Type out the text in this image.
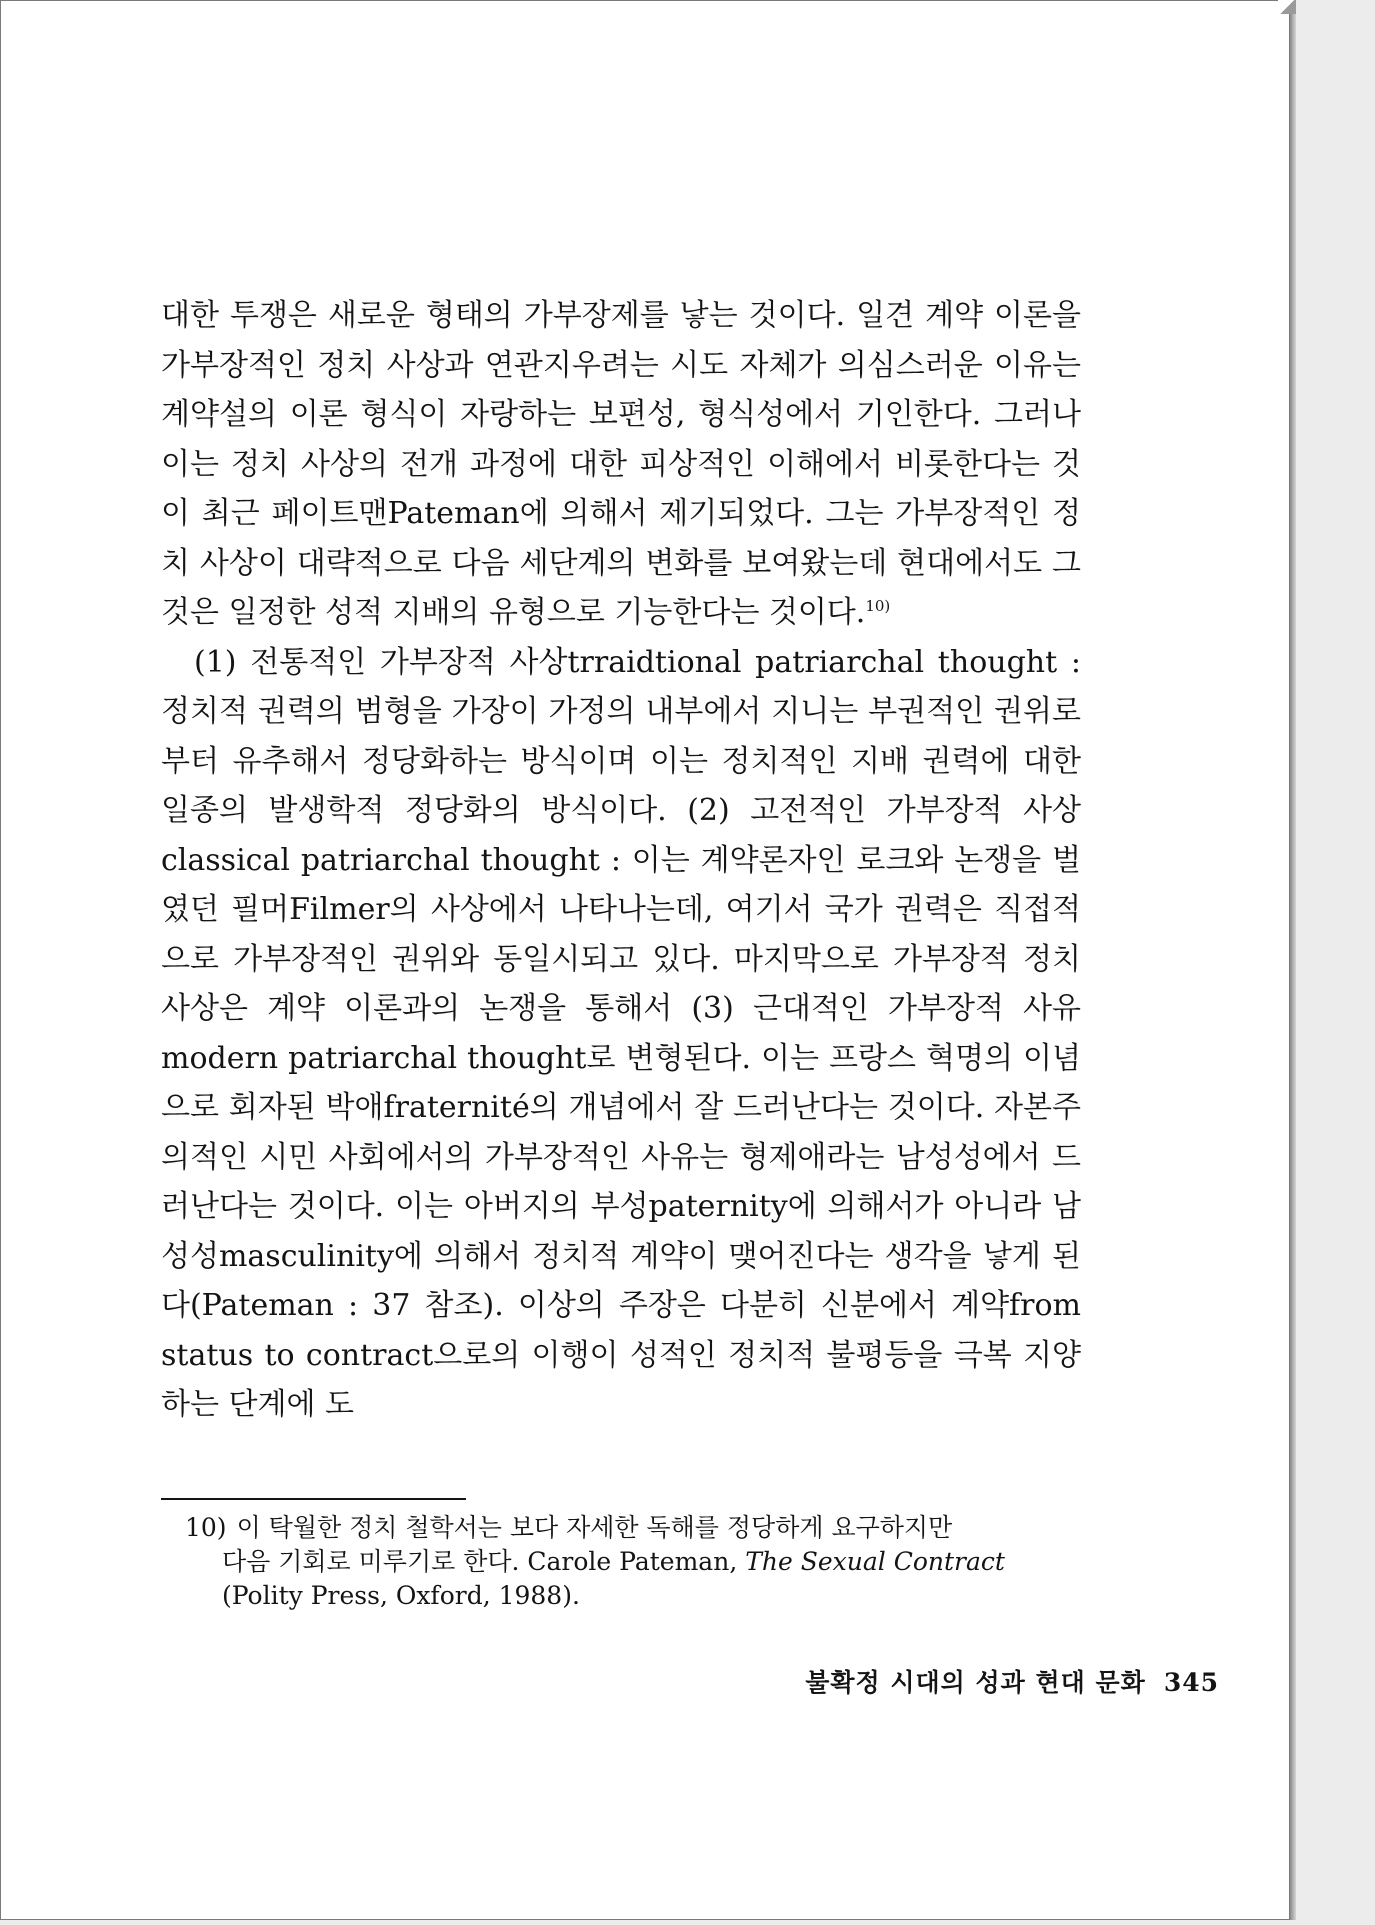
대한 투쟁은 새로운 형태의 가부장제를 낳는 것이다. 일견 계약 이론을 가부장적인 정치 사상과 연관지우려는 시도 자체가 의심스러운 이유는 계약설의 이론 형식이 자랑하는 보편성, 형식성에서 기인한다. 그러나 이는 정치 사상의 전개 과정에 대한 피상적인 이해에서 비롯한다는 것이 최근 페이트맨Pateman에 의해서 제기되었다. 그는 가부장적인 정치 사상이 대략적으로 다음 세단계의 변화를 보여왔는데 현대에서도 그것은 일정한 성적 지배의 유형으로 기능한다는 것이다.$^{10)}$

(1) 전통적인 가부장적 사상trraidtional patriarchal thought : 정치적 권력의 범형을 가장이 가정의 내부에서 지니는 부권적인 권위로부터 유추해서 정당화하는 방식이며 이는 정치적인 지배 권력에 대한 일종의 발생학적 정당화의 방식이다. (2) 고전적인 가부장적 사상classical patriarchal thought : 이는 계약론자인 로크와 논쟁을 벌였던 필머Filmer의 사상에서 나타나는데, 여기서 국가 권력은 직접적으로 가부장적인 권위와 동일시되고 있다. 마지막으로 가부장적 정치 사상은 계약 이론과의 논쟁을 통해서 (3) 근대적인 가부장적 사유modern patriarchal thought로 변형된다. 이는 프랑스 혁명의 이념으로 회자된 박애fraternité의 개념에서 잘 드러난다는 것이다. 자본주의적인 시민 사회에서의 가부장적인 사유는 형제애라는 남성성에서 드러난다는 것이다. 이는 아버지의 부성paternity에 의해서가 아니라 남성성masculinity에 의해서 정치적 계약이 맺어진다는 생각을 낳게 된다(Pateman : 37 참조). 이상의 주장은 다분히 신분에서 계약from status to contract으로의 이행이 성적인 정치적 불평등을 극복 지양하는 단계에 도

10) 이 탁월한 정치 철학서는 보다 자세한 독해를 정당하게 요구하지만
다음 기회로 미루기로 한다. Carole Pateman, The Sexual Contract
(Polity Press, Oxford, 1988).
불확정 시대의 성과 현대 문화 345
